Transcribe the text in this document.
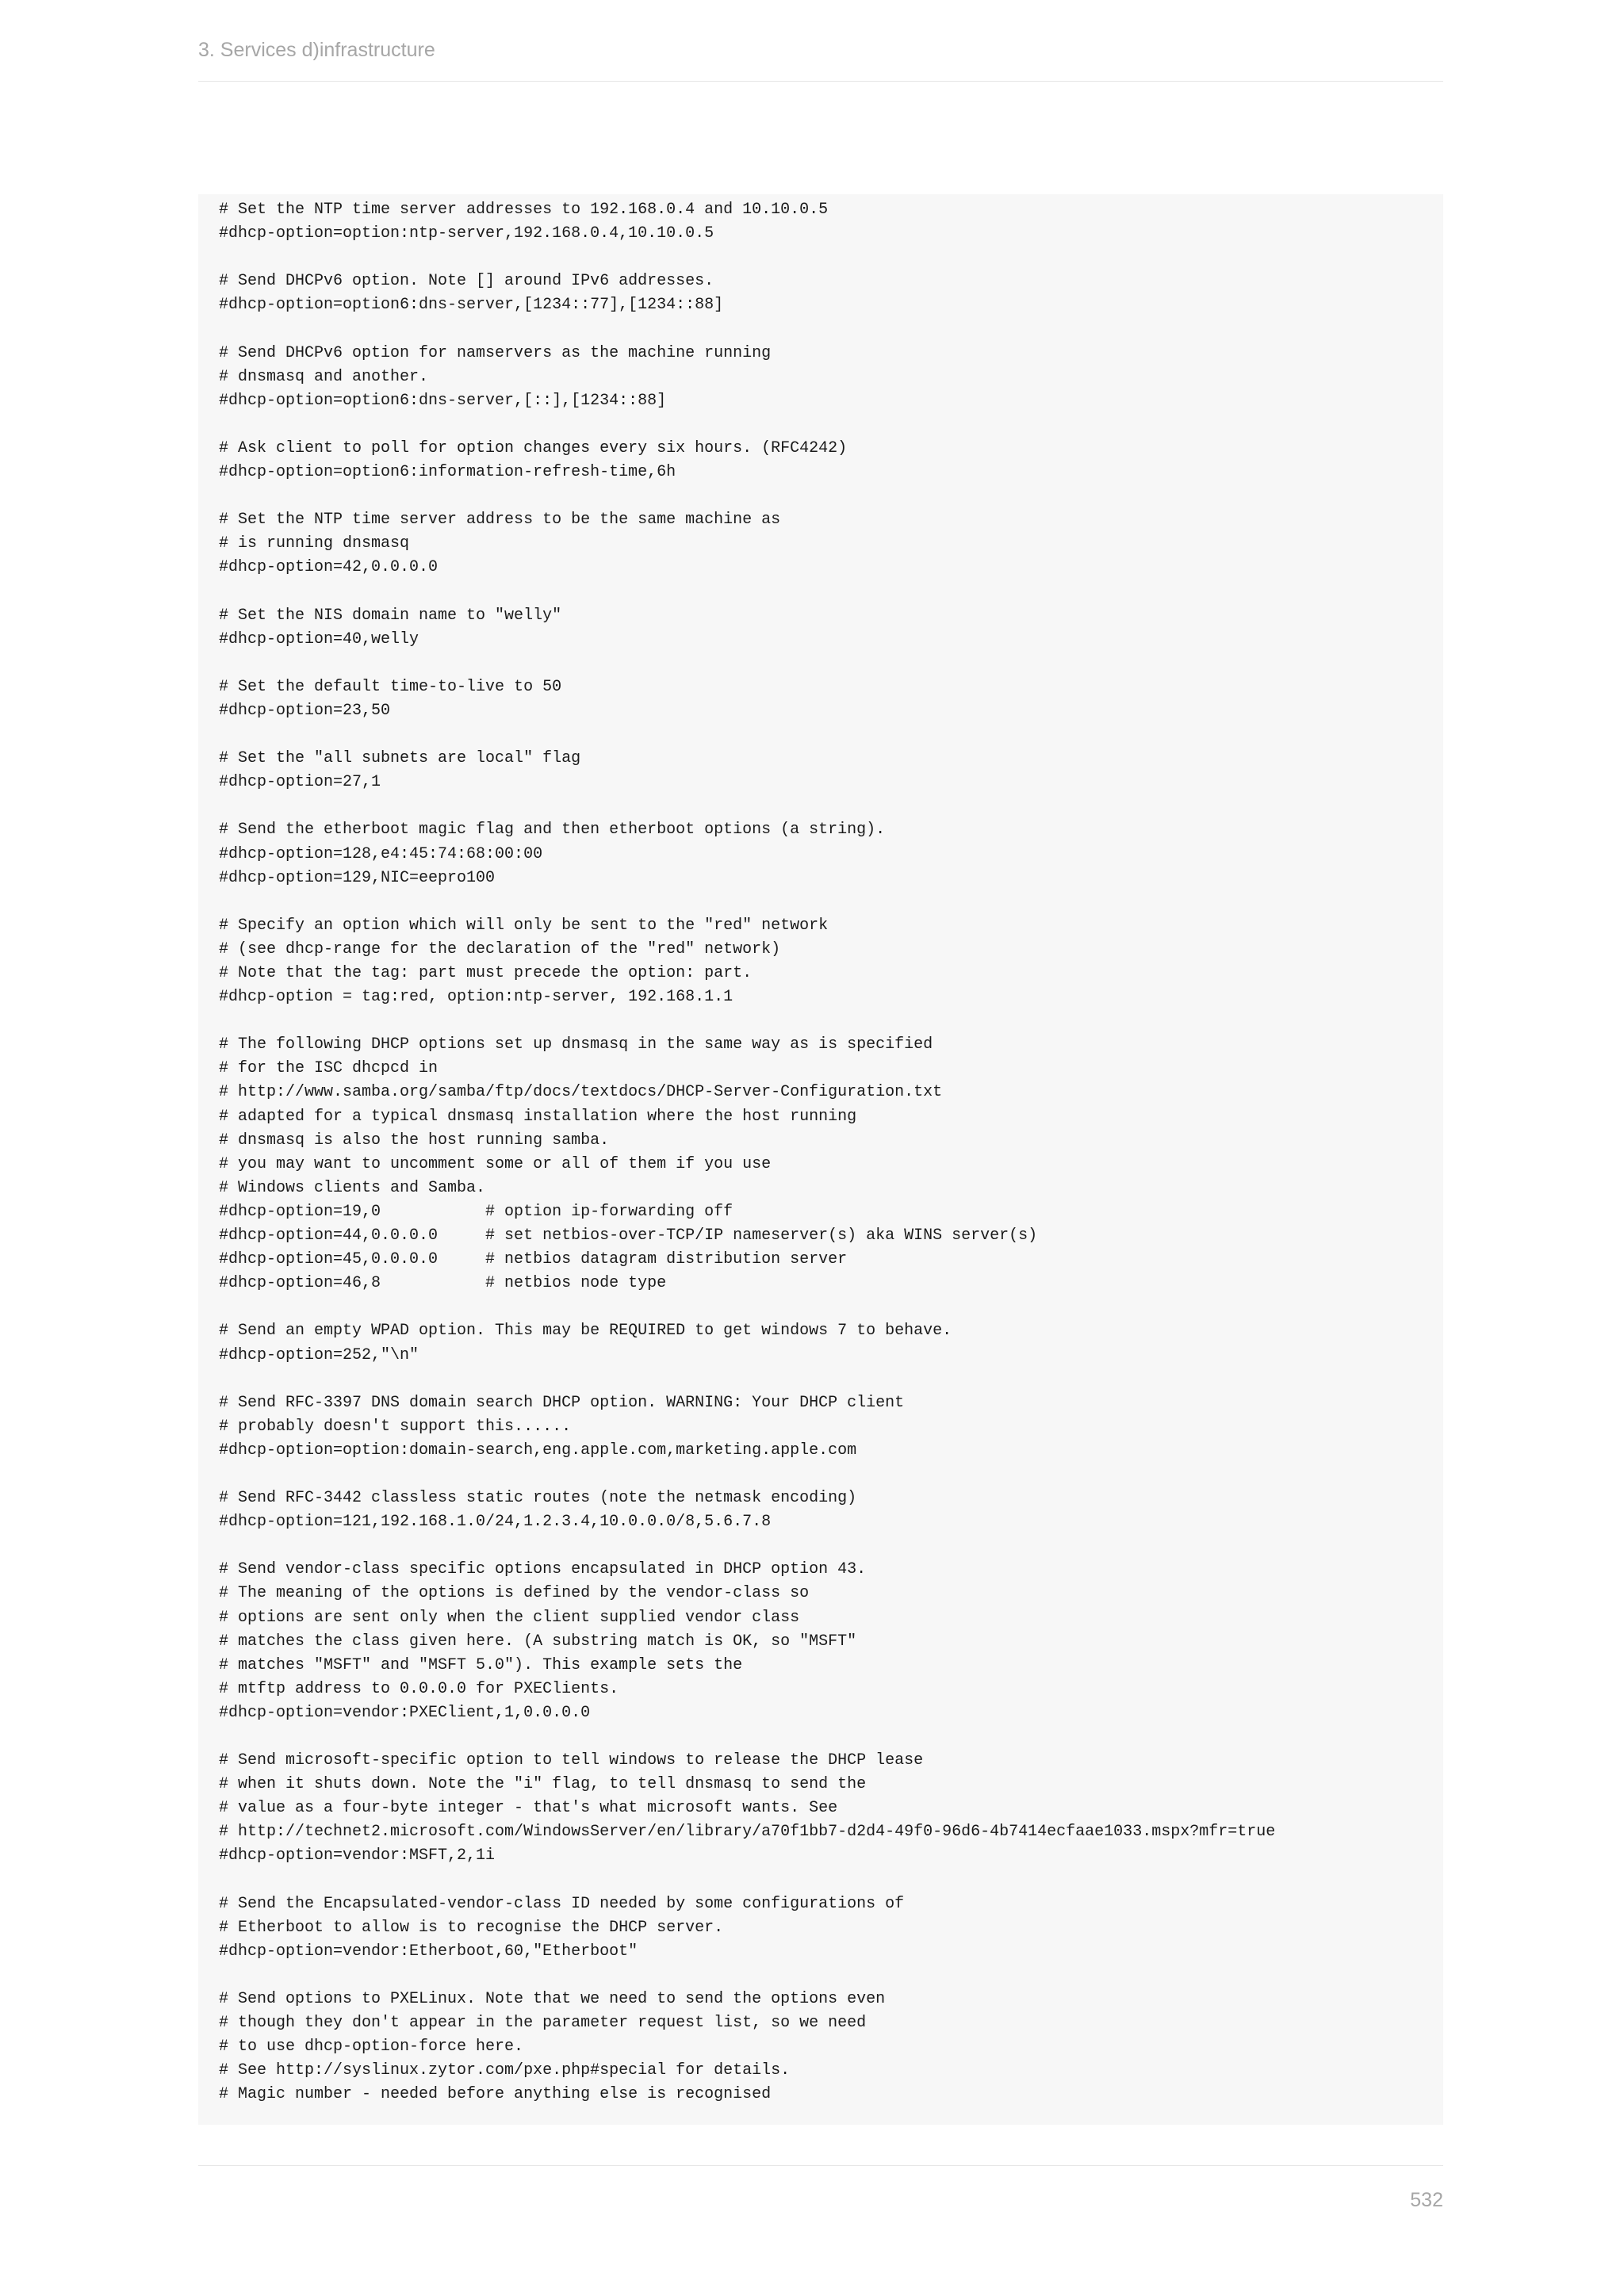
3. Services d)infrastructure
# Set the NTP time server addresses to 192.168.0.4 and 10.10.0.5
#dhcp-option=option:ntp-server,192.168.0.4,10.10.0.5
# Send DHCPv6 option. Note [] around IPv6 addresses.
#dhcp-option=option6:dns-server,[1234::77],[1234::88]
# Send DHCPv6 option for namservers as the machine running
# dnsmasq and another.
#dhcp-option=option6:dns-server,[::],[1234::88]
# Ask client to poll for option changes every six hours. (RFC4242)
#dhcp-option=option6:information-refresh-time,6h
# Set the NTP time server address to be the same machine as
# is running dnsmasq
#dhcp-option=42,0.0.0.0
# Set the NIS domain name to "welly"
#dhcp-option=40,welly
# Set the default time-to-live to 50
#dhcp-option=23,50
# Set the "all subnets are local" flag
#dhcp-option=27,1
# Send the etherboot magic flag and then etherboot options (a string).
#dhcp-option=128,e4:45:74:68:00:00
#dhcp-option=129,NIC=eepro100
# Specify an option which will only be sent to the "red" network
# (see dhcp-range for the declaration of the "red" network)
# Note that the tag: part must precede the option: part.
#dhcp-option = tag:red, option:ntp-server, 192.168.1.1
# The following DHCP options set up dnsmasq in the same way as is specified
# for the ISC dhcpcd in
# http://www.samba.org/samba/ftp/docs/textdocs/DHCP-Server-Configuration.txt
# adapted for a typical dnsmasq installation where the host running
# dnsmasq is also the host running samba.
# you may want to uncomment some or all of them if you use
# Windows clients and Samba.
#dhcp-option=19,0           # option ip-forwarding off
#dhcp-option=44,0.0.0.0     # set netbios-over-TCP/IP nameserver(s) aka WINS server(s)
#dhcp-option=45,0.0.0.0     # netbios datagram distribution server
#dhcp-option=46,8           # netbios node type
# Send an empty WPAD option. This may be REQUIRED to get windows 7 to behave.
#dhcp-option=252,"\n"
# Send RFC-3397 DNS domain search DHCP option. WARNING: Your DHCP client
# probably doesn't support this......
#dhcp-option=option:domain-search,eng.apple.com,marketing.apple.com
# Send RFC-3442 classless static routes (note the netmask encoding)
#dhcp-option=121,192.168.1.0/24,1.2.3.4,10.0.0.0/8,5.6.7.8
# Send vendor-class specific options encapsulated in DHCP option 43.
# The meaning of the options is defined by the vendor-class so
# options are sent only when the client supplied vendor class
# matches the class given here. (A substring match is OK, so "MSFT"
# matches "MSFT" and "MSFT 5.0"). This example sets the
# mtftp address to 0.0.0.0 for PXEClients.
#dhcp-option=vendor:PXEClient,1,0.0.0.0
# Send microsoft-specific option to tell windows to release the DHCP lease
# when it shuts down. Note the "i" flag, to tell dnsmasq to send the
# value as a four-byte integer - that's what microsoft wants. See
# http://technet2.microsoft.com/WindowsServer/en/library/a70f1bb7-d2d4-49f0-96d6-4b7414ecfaae1033.mspx?mfr=true
#dhcp-option=vendor:MSFT,2,1i
# Send the Encapsulated-vendor-class ID needed by some configurations of
# Etherboot to allow is to recognise the DHCP server.
#dhcp-option=vendor:Etherboot,60,"Etherboot"
# Send options to PXELinux. Note that we need to send the options even
# though they don't appear in the parameter request list, so we need
# to use dhcp-option-force here.
# See http://syslinux.zytor.com/pxe.php#special for details.
# Magic number - needed before anything else is recognised
532
